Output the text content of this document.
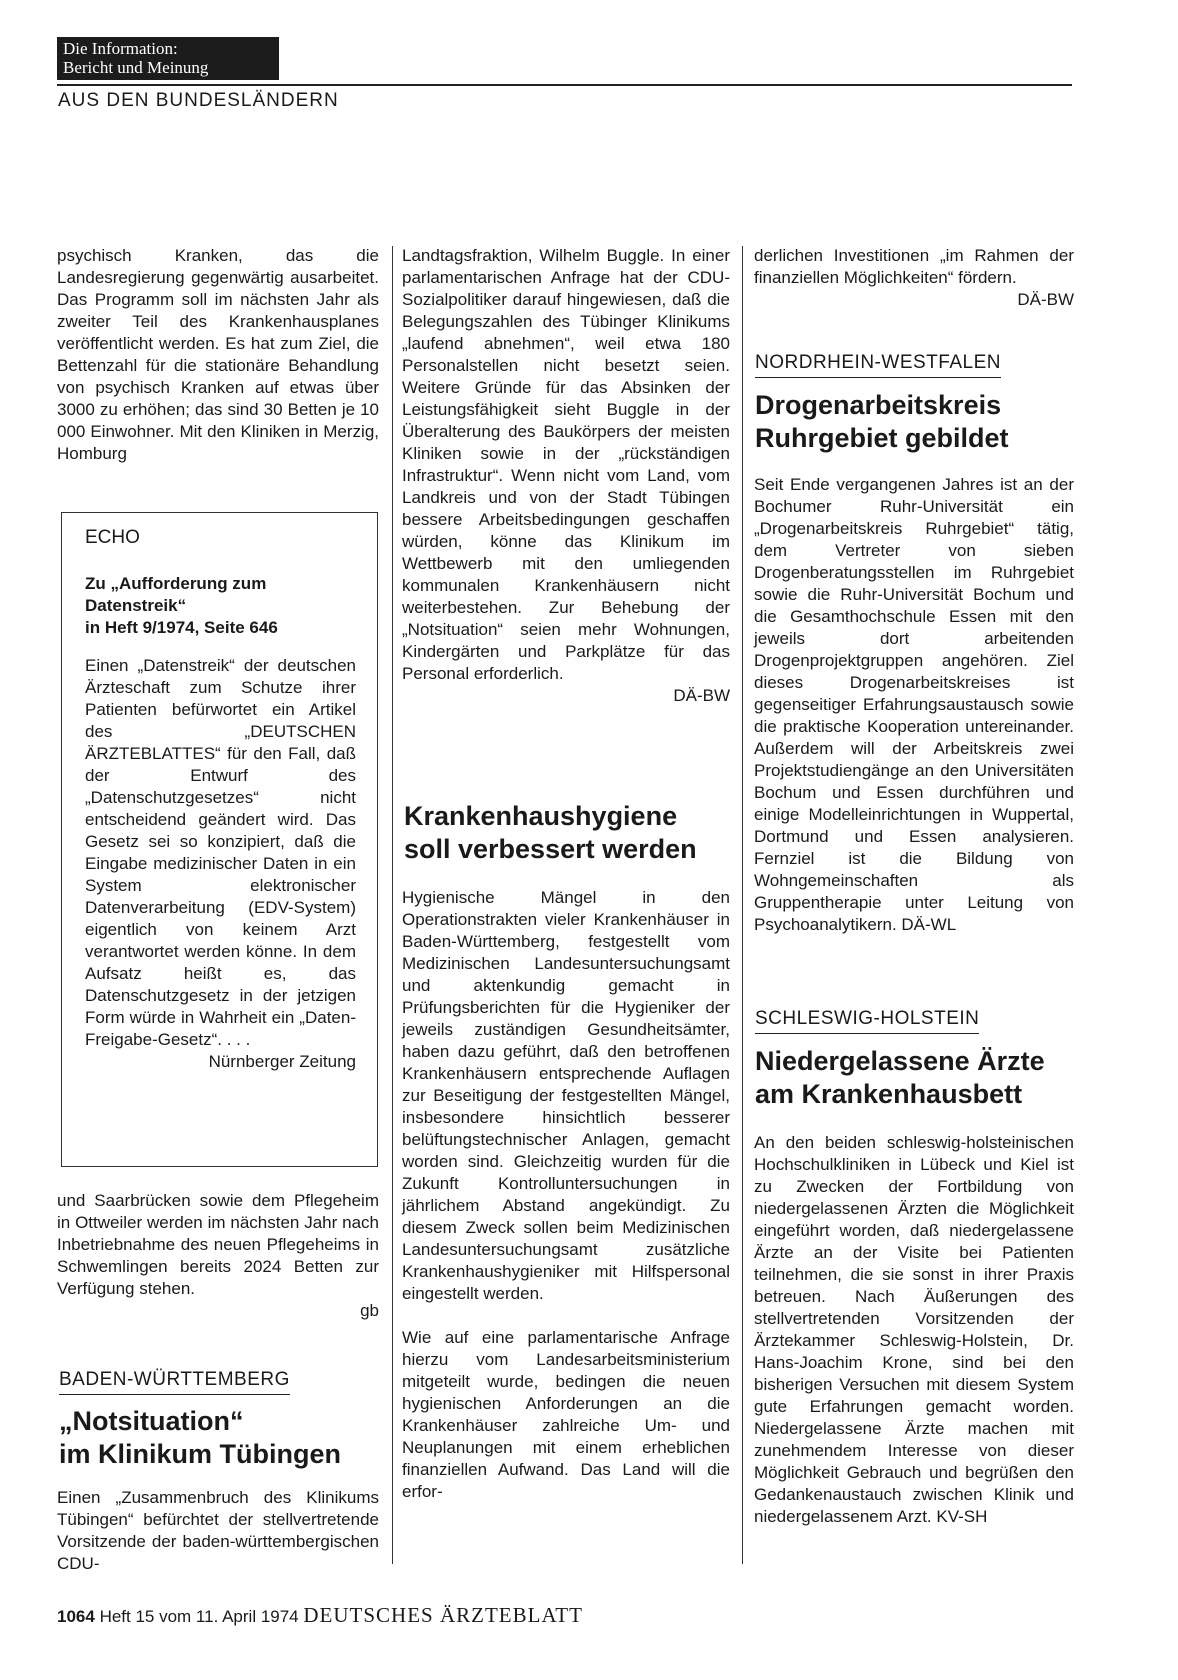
Die Information:
Bericht und Meinung
AUS DEN BUNDESLÄNDERN

psychisch Kranken, das die Landesregierung gegenwärtig ausarbeitet. Das Programm soll im nächsten Jahr als zweiter Teil des Krankenhausplanes veröffentlicht werden. Es hat zum Ziel, die Bettenzahl für die stationäre Behandlung von psychisch Kranken auf etwas über 3000 zu erhöhen; das sind 30 Betten je 10 000 Einwohner. Mit den Kliniken in Merzig, Homburg

ECHO

Zu „Aufforderung zum Datenstreik“
in Heft 9/1974, Seite 646

Einen „Datenstreik“ der deutschen Ärzteschaft zum Schutze ihrer Patienten befürwortet ein Artikel des „DEUTSCHEN ÄRZTEBLATTES“ für den Fall, daß der Entwurf des „Datenschutzgesetzes“ nicht entscheidend geändert wird. Das Gesetz sei so konzipiert, daß die Eingabe medizinischer Daten in ein System elektronischer Datenverarbeitung (EDV-System) eigentlich von keinem Arzt verantwortet werden könne. In dem Aufsatz heißt es, das Datenschutzgesetz in der jetzigen Form würde in Wahrheit ein „Daten-Freigabe-Gesetz“. . . .

Nürnberger Zeitung

und Saarbrücken sowie dem Pflegeheim in Ottweiler werden im nächsten Jahr nach Inbetriebnahme des neuen Pflegeheims in Schwemlingen bereits 2024 Betten zur Verfügung stehen.

gb

BADEN-WÜRTTEMBERG
„Notsituation“
im Klinikum Tübingen

Einen „Zusammenbruch des Klinikums Tübingen“ befürchtet der stellvertretende Vorsitzende der baden-württembergischen CDU-

Landtagsfraktion, Wilhelm Buggle. In einer parlamentarischen Anfrage hat der CDU-Sozialpolitiker darauf hingewiesen, daß die Belegungszahlen des Tübinger Klinikums „laufend abnehmen“, weil etwa 180 Personalstellen nicht besetzt seien. Weitere Gründe für das Absinken der Leistungsfähigkeit sieht Buggle in der Überalterung des Baukörpers der meisten Kliniken sowie in der „rückständigen Infrastruktur“. Wenn nicht vom Land, vom Landkreis und von der Stadt Tübingen bessere Arbeitsbedingungen geschaffen würden, könne das Klinikum im Wettbewerb mit den umliegenden kommunalen Krankenhäusern nicht weiterbestehen. Zur Behebung der „Notsituation“ seien mehr Wohnungen, Kindergärten und Parkplätze für das Personal erforderlich.

DÄ-BW

Krankenhaushygiene
soll verbessert werden

Hygienische Mängel in den Operationstrakten vieler Krankenhäuser in Baden-Württemberg, festgestellt vom Medizinischen Landesuntersuchungsamt und aktenkundig gemacht in Prüfungsberichten für die Hygieniker der jeweils zuständigen Gesundheitsämter, haben dazu geführt, daß den betroffenen Krankenhäusern entsprechende Auflagen zur Beseitigung der festgestellten Mängel, insbesondere hinsichtlich besserer belüftungstechnischer Anlagen, gemacht worden sind. Gleichzeitig wurden für die Zukunft Kontrolluntersuchungen in jährlichem Abstand angekündigt. Zu diesem Zweck sollen beim Medizinischen Landesuntersuchungsamt zusätzliche Krankenhaushygieniker mit Hilfspersonal eingestellt werden.

Wie auf eine parlamentarische Anfrage hierzu vom Landesarbeitsministerium mitgeteilt wurde, bedingen die neuen hygienischen Anforderungen an die Krankenhäuser zahlreiche Um- und Neuplanungen mit einem erheblichen finanziellen Aufwand. Das Land will die erfor-

derlichen Investitionen „im Rahmen der finanziellen Möglichkeiten“ fördern.

DÄ-BW

NORDRHEIN-WESTFALEN
Drogenarbeitskreis
Ruhrgebiet gebildet

Seit Ende vergangenen Jahres ist an der Bochumer Ruhr-Universität ein „Drogenarbeitskreis Ruhrgebiet“ tätig, dem Vertreter von sieben Drogenberatungsstellen im Ruhrgebiet sowie die Ruhr-Universität Bochum und die Gesamthochschule Essen mit den jeweils dort arbeitenden Drogenprojektgruppen angehören. Ziel dieses Drogenarbeitskreises ist gegenseitiger Erfahrungsaustausch sowie die praktische Kooperation untereinander. Außerdem will der Arbeitskreis zwei Projektstudiengänge an den Universitäten Bochum und Essen durchführen und einige Modelleinrichtungen in Wuppertal, Dortmund und Essen analysieren. Fernziel ist die Bildung von Wohngemeinschaften als Gruppentherapie unter Leitung von Psychoanalytikern. DÄ-WL

SCHLESWIG-HOLSTEIN
Niedergelassene Ärzte
am Krankenhausbett

An den beiden schleswig-holsteinischen Hochschulkliniken in Lübeck und Kiel ist zu Zwecken der Fortbildung von niedergelassenen Ärzten die Möglichkeit eingeführt worden, daß niedergelassene Ärzte an der Visite bei Patienten teilnehmen, die sie sonst in ihrer Praxis betreuen. Nach Äußerungen des stellvertretenden Vorsitzenden der Ärztekammer Schleswig-Holstein, Dr. Hans-Joachim Krone, sind bei den bisherigen Versuchen mit diesem System gute Erfahrungen gemacht worden. Niedergelassene Ärzte machen mit zunehmendem Interesse von dieser Möglichkeit Gebrauch und begrüßen den Gedankenaustauch zwischen Klinik und niedergelassenem Arzt. KV-SH

1064 Heft 15 vom 11. April 1974 DEUTSCHES ÄRZTEBLATT
